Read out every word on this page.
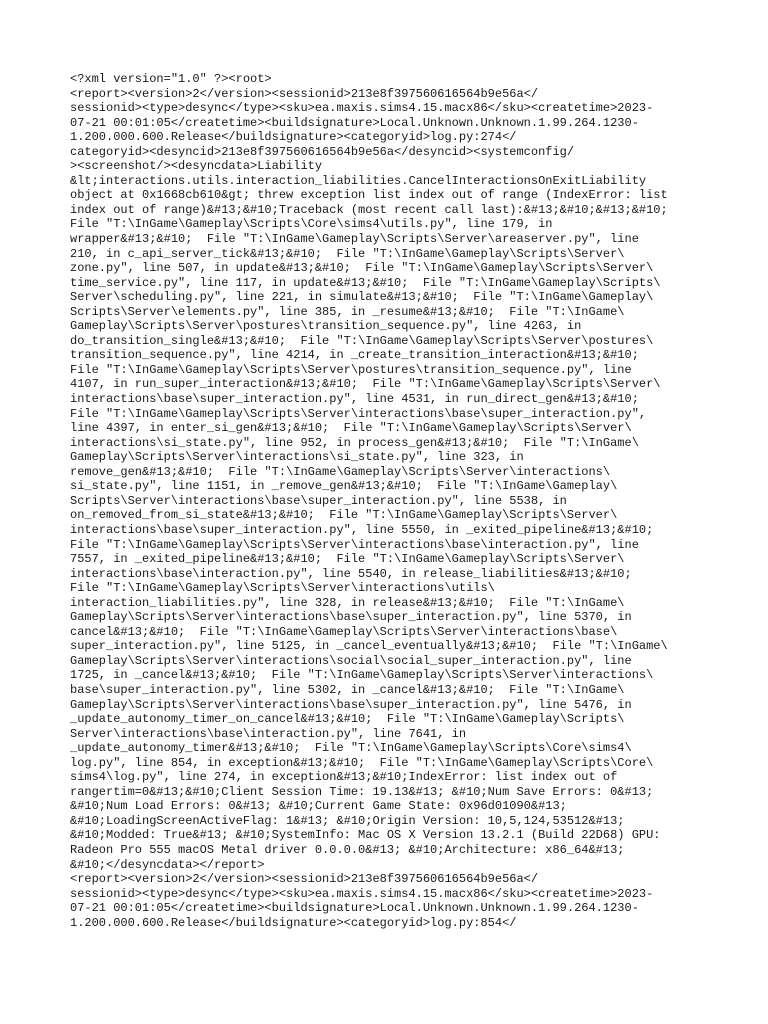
<?xml version="1.0" ?><root>
<report><version>2</version><sessionid>213e8f397560616564b9e56a</
sessionid><type>desync</type><sku>ea.maxis.sims4.15.macx86</sku><createtime>2023-
07-21 00:01:05</createtime><buildsignature>Local.Unknown.Unknown.1.99.264.1230-
1.200.000.600.Release</buildsignature><categoryid>log.py:274</
categoryid><desyncid>213e8f397560616564b9e56a</desyncid><systemconfig/
><screenshot/><desyncdata>Liability
&lt;interactions.utils.interaction_liabilities.CancelInteractionsOnExitLiability
object at 0x1668cb610&gt; threw exception list index out of range (IndexError: list
index out of range)&#13;&#10;Traceback (most recent call last):&#13;&#10;&#13;&#10;
File "T:\InGame\Gameplay\Scripts\Core\sims4\utils.py", line 179, in
wrapper&#13;&#10;  File "T:\InGame\Gameplay\Scripts\Server\areaserver.py", line
210, in c_api_server_tick&#13;&#10;  File "T:\InGame\Gameplay\Scripts\Server\
zone.py", line 507, in update&#13;&#10;  File "T:\InGame\Gameplay\Scripts\Server\
time_service.py", line 117, in update&#13;&#10;  File "T:\InGame\Gameplay\Scripts\
Server\scheduling.py", line 221, in simulate&#13;&#10;  File "T:\InGame\Gameplay\
Scripts\Server\elements.py", line 385, in _resume&#13;&#10;  File "T:\InGame\
Gameplay\Scripts\Server\postures\transition_sequence.py", line 4263, in
do_transition_single&#13;&#10;  File "T:\InGame\Gameplay\Scripts\Server\postures\
transition_sequence.py", line 4214, in _create_transition_interaction&#13;&#10;
File "T:\InGame\Gameplay\Scripts\Server\postures\transition_sequence.py", line
4107, in run_super_interaction&#13;&#10;  File "T:\InGame\Gameplay\Scripts\Server\
interactions\base\super_interaction.py", line 4531, in run_direct_gen&#13;&#10;
File "T:\InGame\Gameplay\Scripts\Server\interactions\base\super_interaction.py",
line 4397, in enter_si_gen&#13;&#10;  File "T:\InGame\Gameplay\Scripts\Server\
interactions\si_state.py", line 952, in process_gen&#13;&#10;  File "T:\InGame\
Gameplay\Scripts\Server\interactions\si_state.py", line 323, in
remove_gen&#13;&#10;  File "T:\InGame\Gameplay\Scripts\Server\interactions\
si_state.py", line 1151, in _remove_gen&#13;&#10;  File "T:\InGame\Gameplay\
Scripts\Server\interactions\base\super_interaction.py", line 5538, in
on_removed_from_si_state&#13;&#10;  File "T:\InGame\Gameplay\Scripts\Server\
interactions\base\super_interaction.py", line 5550, in _exited_pipeline&#13;&#10;
File "T:\InGame\Gameplay\Scripts\Server\interactions\base\interaction.py", line
7557, in _exited_pipeline&#13;&#10;  File "T:\InGame\Gameplay\Scripts\Server\
interactions\base\interaction.py", line 5540, in release_liabilities&#13;&#10;
File "T:\InGame\Gameplay\Scripts\Server\interactions\utils\
interaction_liabilities.py", line 328, in release&#13;&#10;  File "T:\InGame\
Gameplay\Scripts\Server\interactions\base\super_interaction.py", line 5370, in
cancel&#13;&#10;  File "T:\InGame\Gameplay\Scripts\Server\interactions\base\
super_interaction.py", line 5125, in _cancel_eventually&#13;&#10;  File "T:\InGame\
Gameplay\Scripts\Server\interactions\social\social_super_interaction.py", line
1725, in _cancel&#13;&#10;  File "T:\InGame\Gameplay\Scripts\Server\interactions\
base\super_interaction.py", line 5302, in _cancel&#13;&#10;  File "T:\InGame\
Gameplay\Scripts\Server\interactions\base\super_interaction.py", line 5476, in
_update_autonomy_timer_on_cancel&#13;&#10;  File "T:\InGame\Gameplay\Scripts\
Server\interactions\base\interaction.py", line 7641, in
_update_autonomy_timer&#13;&#10;  File "T:\InGame\Gameplay\Scripts\Core\sims4\
log.py", line 854, in exception&#13;&#10;  File "T:\InGame\Gameplay\Scripts\Core\
sims4\log.py", line 274, in exception&#13;&#10;IndexError: list index out of
rangertim=0&#13;&#10;Client Session Time: 19.13&#13; &#10;Num Save Errors: 0&#13;
&#10;Num Load Errors: 0&#13; &#10;Current Game State: 0x96d01090&#13;
&#10;LoadingScreenActiveFlag: 1&#13; &#10;Origin Version: 10,5,124,53512&#13;
&#10;Modded: True&#13; &#10;SystemInfo: Mac OS X Version 13.2.1 (Build 22D68) GPU:
Radeon Pro 555 macOS Metal driver 0.0.0.0&#13; &#10;Architecture: x86_64&#13;
&#10;</desyncdata></report>
<report><version>2</version><sessionid>213e8f397560616564b9e56a</
sessionid><type>desync</type><sku>ea.maxis.sims4.15.macx86</sku><createtime>2023-
07-21 00:01:05</createtime><buildsignature>Local.Unknown.Unknown.1.99.264.1230-
1.200.000.600.Release</buildsignature><categoryid>log.py:854</
